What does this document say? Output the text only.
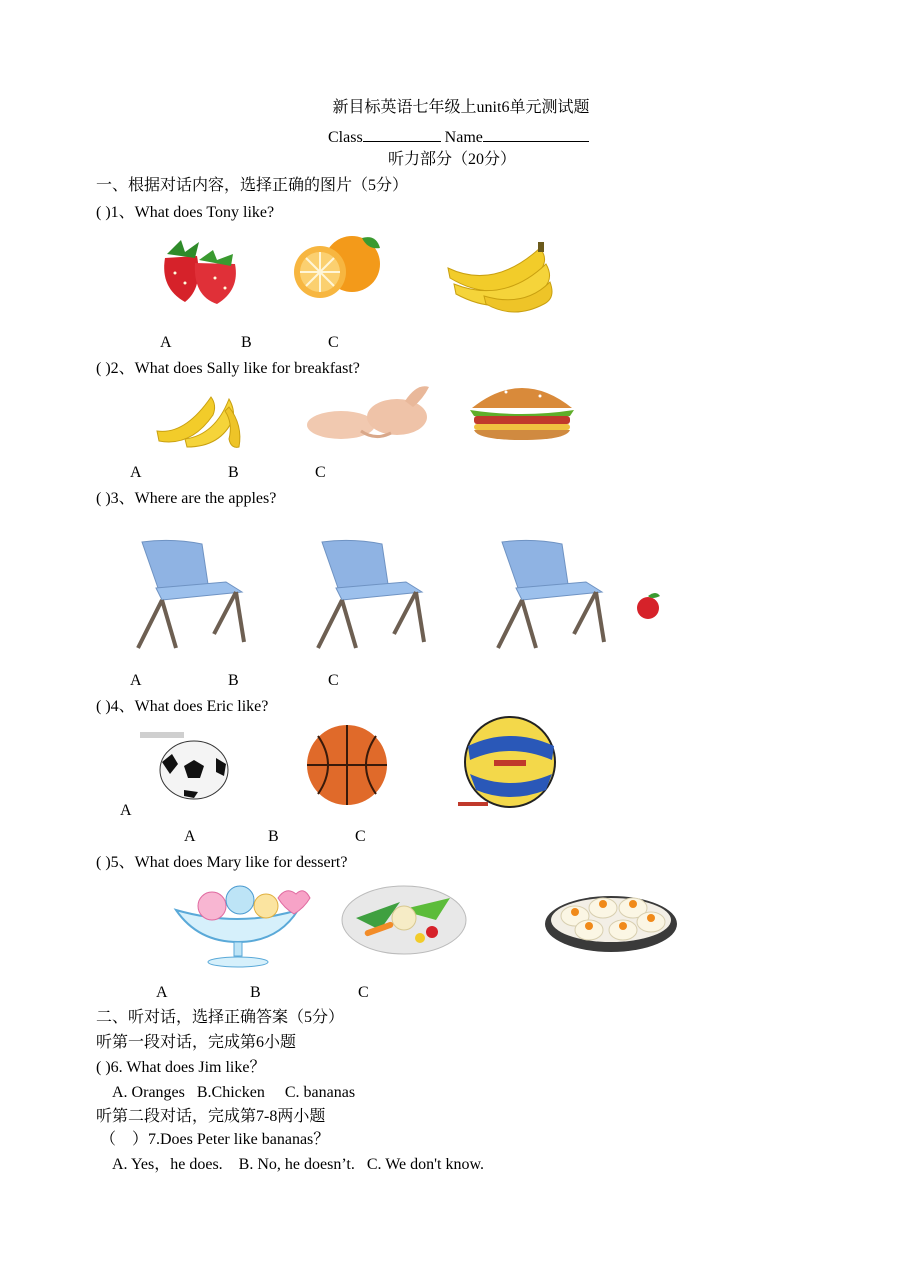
新目标英语七年级上unit6单元测试题
Class	Name
听力部分（20分）
一、根据对话内容，选择正确的图片（5分）
( )1、What does Tony like?
A	B	C
( )2、What does Sally like for breakfast?
A	B	C
( )3、Where are the apples?
A	B	C
( )4、What does Eric like?
A
A	B	C
( )5、What does Mary like for dessert?
A	B	C
二、听对话，选择正确答案（5分）
听第一段对话，完成第6小题
( )6. What does Jim like？
A. Oranges   B.Chicken     C. bananas
听第二段对话，完成第7-8两小题
（    ）7.Does Peter like bananas？
A. Yes，he does.    B. No, he doesn’t.   C. We don't know.
